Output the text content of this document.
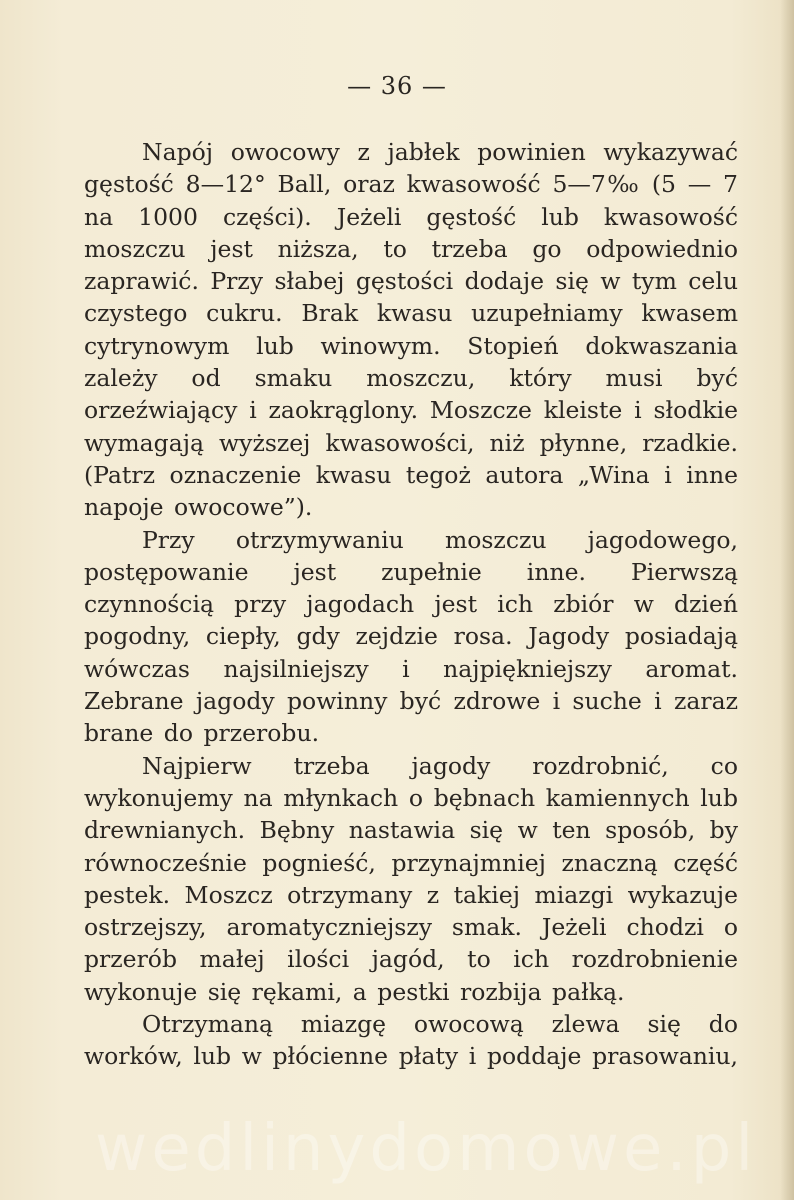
— 36 —

Napój owocowy z jabłek powinien wykazywać gęstość 8—12° Ball, oraz kwasowość 5—7‰ (5 — 7 na 1000 części). Jeżeli gęstość lub kwasowość moszczu jest niższa, to trzeba go odpowiednio zaprawić. Przy słabej gęstości dodaje się w tym celu czystego cukru. Brak kwasu uzupełniamy kwasem cytrynowym lub winowym. Stopień dokwaszania zależy od smaku moszczu, który musi być orzeźwiający i zaokrąglony. Moszcze kleiste i słodkie wymagają wyższej kwasowości, niż płynne, rzadkie. (Patrz oznaczenie kwasu tegoż autora „Wina i inne napoje owocowe”).

Przy otrzymywaniu moszczu jagodowego, postępowanie jest zupełnie inne. Pierwszą czynnością przy jagodach jest ich zbiór w dzień pogodny, ciepły, gdy zejdzie rosa. Jagody posiadają wówczas najsilniejszy i najpiękniejszy aromat. Zebrane jagody powinny być zdrowe i suche i zaraz brane do przerobu.

Najpierw trzeba jagody rozdrobnić, co wykonujemy na młynkach o bębnach kamiennych lub drewnianych. Bębny nastawia się w ten sposób, by równocześnie pognieść, przynajmniej znaczną część pestek. Moszcz otrzymany z takiej miazgi wykazuje ostrzejszy, aromatyczniejszy smak. Jeżeli chodzi o przerób małej ilości jagód, to ich rozdrobnienie wykonuje się rękami, a pestki rozbija pałką.

Otrzymaną miazgę owocową zlewa się do worków, lub w płócienne płaty i poddaje prasowaniu,

wedlinydomowe.pl
